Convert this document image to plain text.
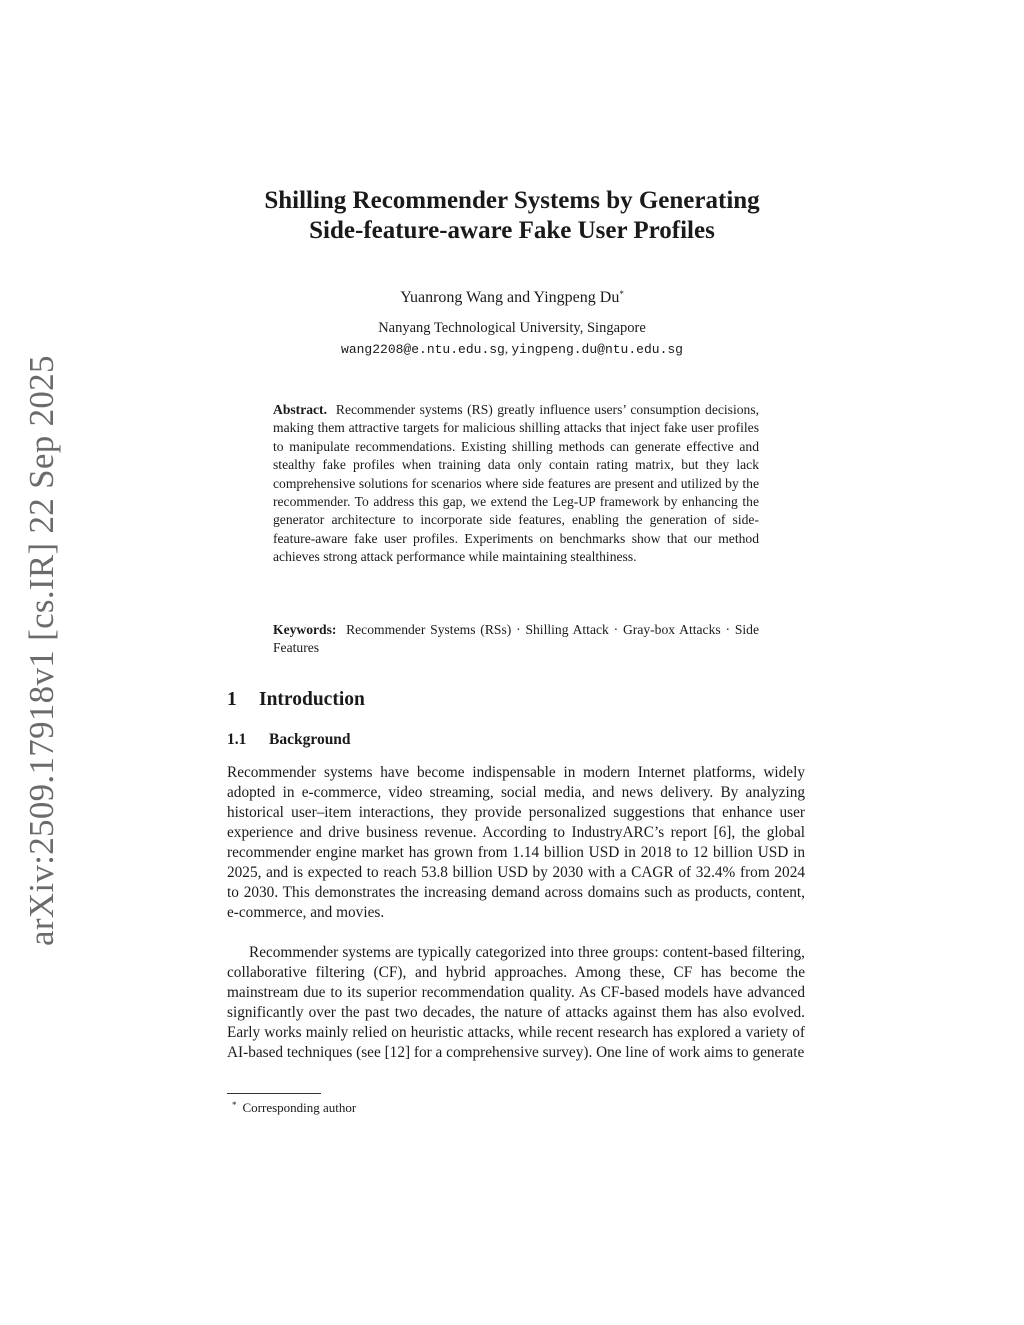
arXiv:2509.17918v1 [cs.IR] 22 Sep 2025
Shilling Recommender Systems by Generating
Side-feature-aware Fake User Profiles
Yuanrong Wang and Yingpeng Du*
Nanyang Technological University, Singapore
wang2208@e.ntu.edu.sg, yingpeng.du@ntu.edu.sg
Abstract. Recommender systems (RS) greatly influence users’ consumption decisions, making them attractive targets for malicious shilling attacks that inject fake user profiles to manipulate recommendations. Existing shilling methods can generate effective and stealthy fake profiles when training data only contain rating matrix, but they lack comprehensive solutions for scenarios where side features are present and utilized by the recommender. To address this gap, we extend the Leg-UP framework by enhancing the generator architecture to incorporate side features, enabling the generation of side-feature-aware fake user profiles. Experiments on benchmarks show that our method achieves strong attack performance while maintaining stealthiness.
Keywords: Recommender Systems (RSs) · Shilling Attack · Gray-box Attacks · Side Features
1 Introduction
1.1 Background
Recommender systems have become indispensable in modern Internet platforms, widely adopted in e-commerce, video streaming, social media, and news delivery. By analyzing historical user–item interactions, they provide personalized suggestions that enhance user experience and drive business revenue. According to IndustryARC’s report [6], the global recommender engine market has grown from 1.14 billion USD in 2018 to 12 billion USD in 2025, and is expected to reach 53.8 billion USD by 2030 with a CAGR of 32.4% from 2024 to 2030. This demonstrates the increasing demand across domains such as products, content, e-commerce, and movies.
Recommender systems are typically categorized into three groups: content-based filtering, collaborative filtering (CF), and hybrid approaches. Among these, CF has become the mainstream due to its superior recommendation quality. As CF-based models have advanced significantly over the past two decades, the nature of attacks against them has also evolved. Early works mainly relied on heuristic attacks, while recent research has explored a variety of AI-based techniques (see [12] for a comprehensive survey). One line of work aims to generate
* Corresponding author
